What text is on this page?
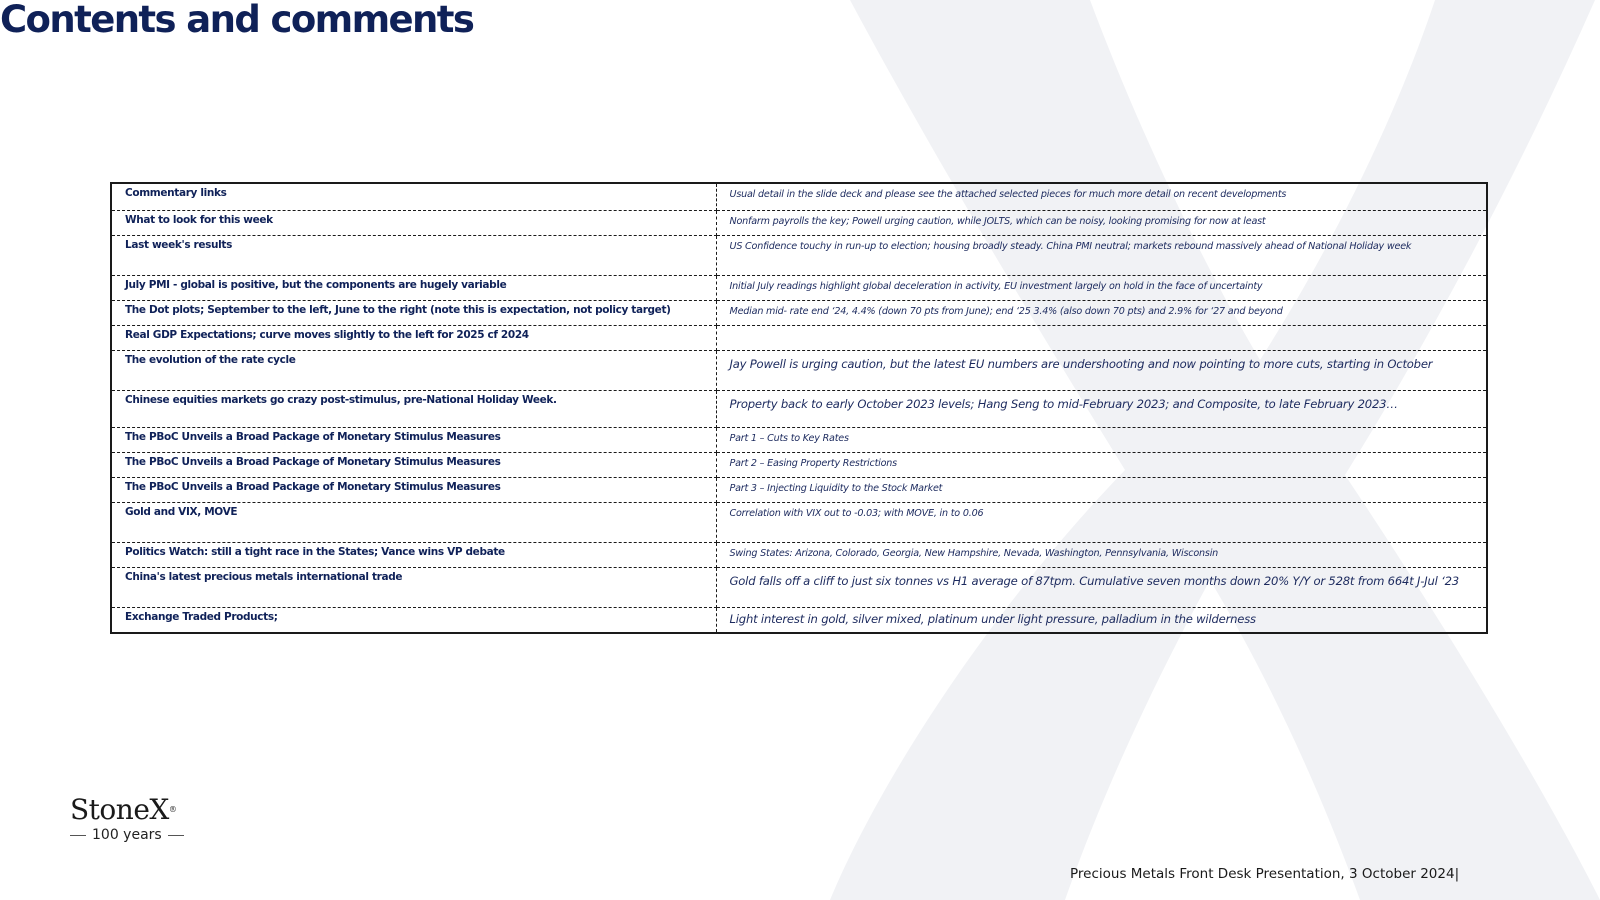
Contents and comments
Commentary links	Usual detail in the slide deck and please see the attached selected pieces for much more detail on recent developments
What to look for this week	Nonfarm payrolls the key; Powell urging caution, while JOLTS, which can be noisy, looking promising for now at least
Last week's results	US Confidence touchy in run-up to election; housing broadly steady. China PMI neutral; markets rebound massively ahead of National Holiday week
July PMI - global is positive, but the components are hugely variable	Initial July readings highlight global deceleration in activity, EU investment largely on hold in the face of uncertainty
The Dot plots; September to the left, June to the right (note this is expectation, not policy target)	Median mid- rate end ‘24, 4.4% (down 70 pts from June); end ‘25 3.4% (also down 70 pts) and 2.9% for ‘27 and beyond
Real GDP Expectations; curve moves slightly to the left for 2025 cf 2024	
The evolution of the rate cycle	Jay Powell is urging caution, but the latest EU numbers are undershooting and now pointing to more cuts, starting in October
Chinese equities markets go crazy post-stimulus, pre-National Holiday Week.	Property back to early October 2023 levels; Hang Seng to mid-February 2023; and Composite, to late February 2023…
The PBoC Unveils a Broad Package of Monetary Stimulus Measures	Part 1 – Cuts to Key Rates
The PBoC Unveils a Broad Package of Monetary Stimulus Measures	Part 2 – Easing Property Restrictions
The PBoC Unveils a Broad Package of Monetary Stimulus Measures	Part 3 – Injecting Liquidity to the Stock Market
Gold and VIX, MOVE	Correlation with VIX out to -0.03; with MOVE, in to 0.06
Politics Watch: still a tight race in the States; Vance wins VP debate	Swing States: Arizona, Colorado, Georgia, New Hampshire, Nevada, Washington, Pennsylvania, Wisconsin
China's latest precious metals international trade	Gold falls off a cliff to just six tonnes vs H1 average of 87tpm. Cumulative seven months down 20% Y/Y or 528t from 664t J-Jul ‘23
Exchange Traded Products;	Light interest in gold, silver mixed, platinum under light pressure, palladium in the wilderness
StoneX®
100 years
Precious Metals Front Desk Presentation, 3 October 2024|
